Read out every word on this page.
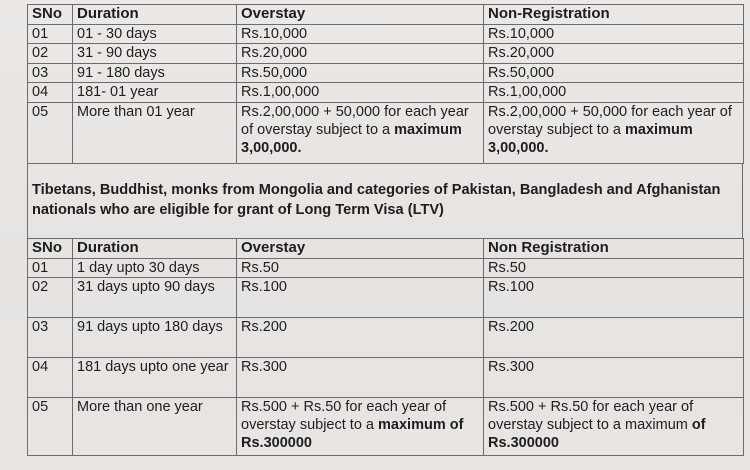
SNo	Duration	Overstay	Non-Registration
01	01 - 30 days	Rs.10,000	Rs.10,000
02	31 - 90 days	Rs.20,000	Rs.20,000
03	91 - 180 days	Rs.50,000	Rs.50,000
04	181- 01 year	Rs.1,00,000	Rs.1,00,000
05	More than 01 year	Rs.2,00,000 + 50,000 for each year of overstay subject to a maximum 3,00,000.	Rs.2,00,000 + 50,000 for each year of overstay subject to a maximum 3,00,000.
Tibetans, Buddhist, monks from Mongolia and categories of Pakistan, Bangladesh and Afghanistan nationals who are eligible for grant of Long Term Visa (LTV)
SNo	Duration	Overstay	Non Registration
01	1 day upto 30 days	Rs.50	Rs.50
02	31 days upto 90 days	Rs.100	Rs.100
03	91 days upto 180 days	Rs.200	Rs.200
04	181 days upto one year	Rs.300	Rs.300
05	More than one year	Rs.500 + Rs.50 for each year of overstay subject to a maximum of Rs.300000	Rs.500 + Rs.50 for each year of overstay subject to a maximum of Rs.300000
